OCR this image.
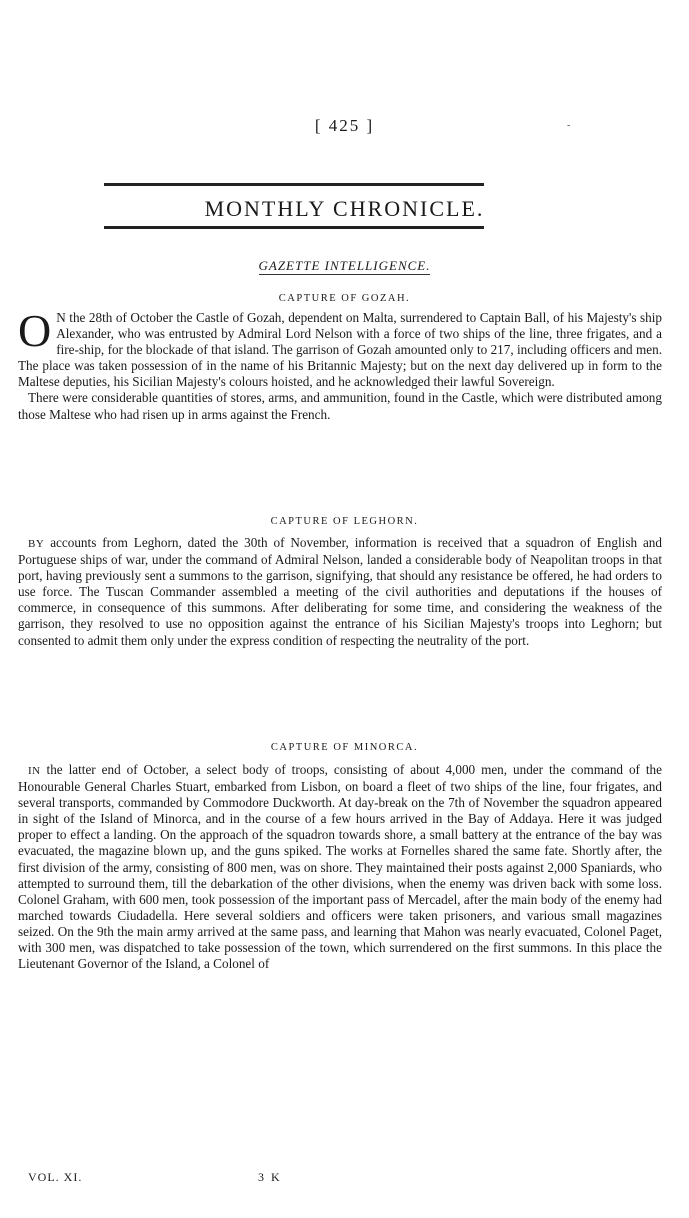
[ 425 ]	-
MONTHLY CHRONICLE.
GAZETTE INTELLIGENCE.
CAPTURE OF GOZAH.

O N the 28th of October the Castle of Gozah, dependent on Malta, surrendered to Captain Ball, of his Majesty's ship Alexander, who was entrusted by Admiral Lord Nelson with a force of two ships of the line, three frigates, and a fire-ship, for the blockade of that island. The garrison of Gozah amounted only to 217, including officers and men. The place was taken possession of in the name of his Britannic Majesty; but on the next day delivered up in form to the Maltese deputies, his Sicilian Majesty's colours hoisted, and he acknowledged their lawful Sovereign.

There were considerable quantities of stores, arms, and ammunition, found in the Castle, which were distributed among those Maltese who had risen up in arms against the French.

CAPTURE OF LEGHORN.

BY accounts from Leghorn, dated the 30th of November, information is received that a squadron of English and Portuguese ships of war, under the command of Admiral Nelson, landed a considerable body of Neapolitan troops in that port, having previously sent a summons to the garrison, signifying, that should any resistance be offered, he had orders to use force. The Tuscan Commander assembled a meeting of the civil authorities and deputations if the houses of commerce, in consequence of this summons. After deliberating for some time, and considering the weakness of the garrison, they resolved to use no opposition against the entrance of his Sicilian Majesty's troops into Leghorn; but consented to admit them only under the express condition of respecting the neutrality of the port.

CAPTURE OF MINORCA.

IN the latter end of October, a select body of troops, consisting of about 4,000 men, under the command of the Honourable General Charles Stuart, embarked from Lisbon, on board a fleet of two ships of the line, four frigates, and several transports, commanded by Commodore Duckworth. At day-break on the 7th of November the squadron appeared in sight of the Island of Minorca, and in the course of a few hours arrived in the Bay of Addaya. Here it was judged proper to effect a landing. On the approach of the squadron towards shore, a small battery at the entrance of the bay was evacuated, the magazine blown up, and the guns spiked. The works at Fornelles shared the same fate. Shortly after, the first division of the army, consisting of 800 men, was on shore. They maintained their posts against 2,000 Spaniards, who attempted to surround them, till the debarkation of the other divisions, when the enemy was driven back with some loss. Colonel Graham, with 600 men, took possession of the important pass of Mercadel, after the main body of the enemy had marched towards Ciudadella. Here several soldiers and officers were taken prisoners, and various small magazines seized. On the 9th the main army arrived at the same pass, and learning that Mahon was nearly evacuated, Colonel Paget, with 300 men, was dispatched to take possession of the town, which surrendered on the first summons. In this place the Lieutenant Governor of the Island, a Colonel of

VOL. XI.	3 K
